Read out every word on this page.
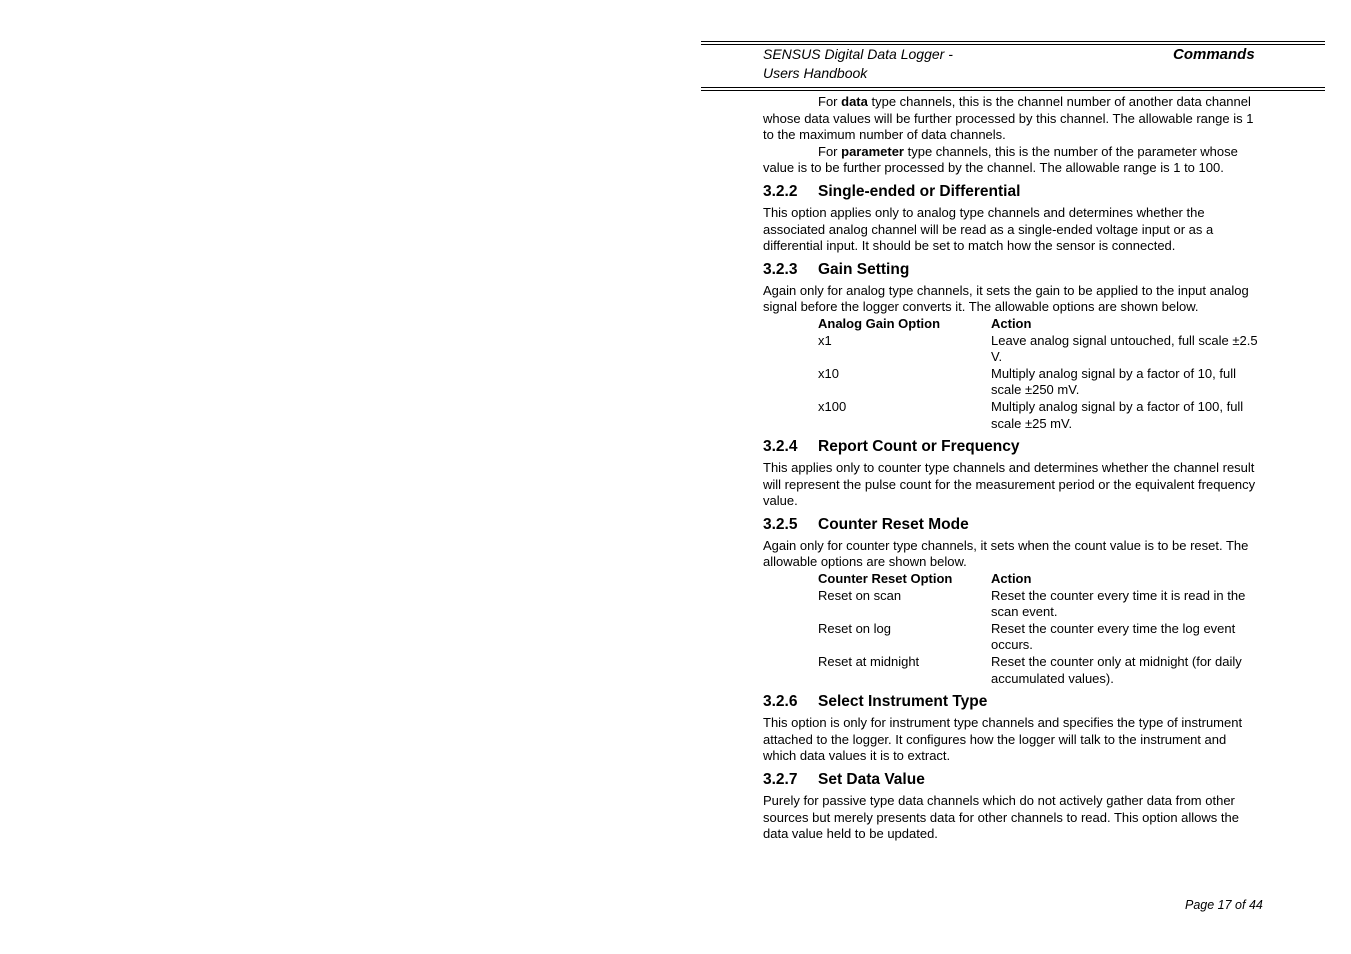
SENSUS Digital Data Logger -
Users Handbook
Commands

For data type channels, this is the channel number of another data channel whose data values will be further processed by this channel. The allowable range is 1 to the maximum number of data channels.

For parameter type channels, this is the number of the parameter whose value is to be further processed by the channel. The allowable range is 1 to 100.

3.2.2 Single-ended or Differential

This option applies only to analog type channels and determines whether the associated analog channel will be read as a single-ended voltage input or as a differential input. It should be set to match how the sensor is connected.

3.2.3 Gain Setting

Again only for analog type channels, it sets the gain to be applied to the input analog signal before the logger converts it. The allowable options are shown below.

Analog Gain Option	Action
x1	Leave analog signal untouched, full scale ±2.5 V.
x10	Multiply analog signal by a factor of 10, full scale ±250 mV.
x100	Multiply analog signal by a factor of 100, full scale ±25 mV.
3.2.4 Report Count or Frequency

This applies only to counter type channels and determines whether the channel result will represent the pulse count for the measurement period or the equivalent frequency value.

3.2.5 Counter Reset Mode

Again only for counter type channels, it sets when the count value is to be reset. The allowable options are shown below.

Counter Reset Option	Action
Reset on scan	Reset the counter every time it is read in the scan event.
Reset on log	Reset the counter every time the log event occurs.
Reset at midnight	Reset the counter only at midnight (for daily accumulated values).
3.2.6 Select Instrument Type

This option is only for instrument type channels and specifies the type of instrument attached to the logger. It configures how the logger will talk to the instrument and which data values it is to extract.

3.2.7 Set Data Value

Purely for passive type data channels which do not actively gather data from other sources but merely presents data for other channels to read. This option allows the data value held to be updated.

Page 17 of 44
